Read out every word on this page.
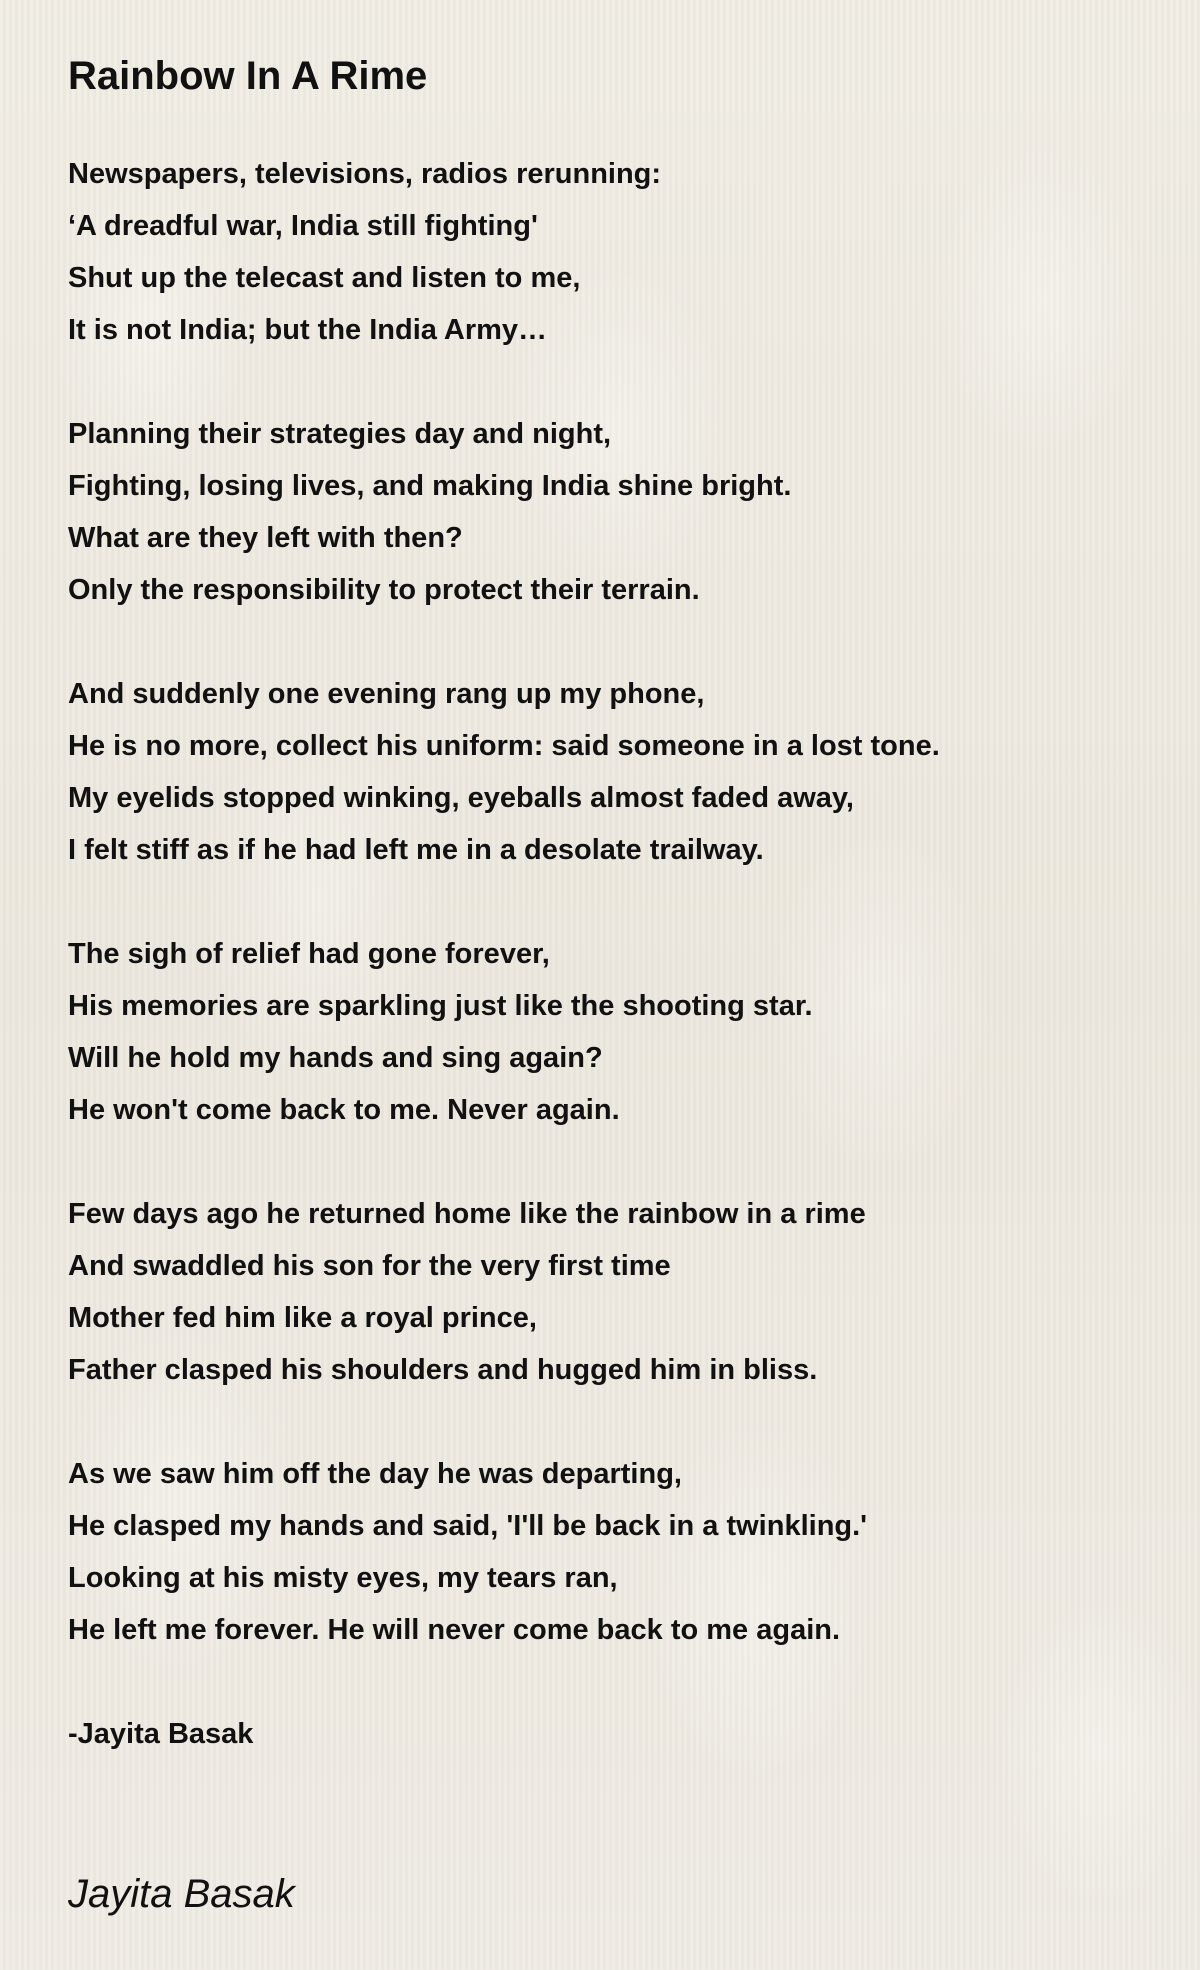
Rainbow In A Rime
Newspapers, televisions, radios rerunning:
‘A dreadful war, India still fighting'
Shut up the telecast and listen to me,
It is not India; but the India Army…
Planning their strategies day and night,
Fighting, losing lives, and making India shine bright.
What are they left with then?
Only the responsibility to protect their terrain.
And suddenly one evening rang up my phone,
He is no more, collect his uniform: said someone in a lost tone.
My eyelids stopped winking, eyeballs almost faded away,
I felt stiff as if he had left me in a desolate trailway.
The sigh of relief had gone forever,
His memories are sparkling just like the shooting star.
Will he hold my hands and sing again?
He won't come back to me. Never again.
Few days ago he returned home like the rainbow in a rime
And swaddled his son for the very first time
Mother fed him like a royal prince,
Father clasped his shoulders and hugged him in bliss.
As we saw him off the day he was departing,
He clasped my hands and said, 'I'll be back in a twinkling.'
Looking at his misty eyes, my tears ran,
He left me forever. He will never come back to me again.
-Jayita Basak
Jayita Basak
